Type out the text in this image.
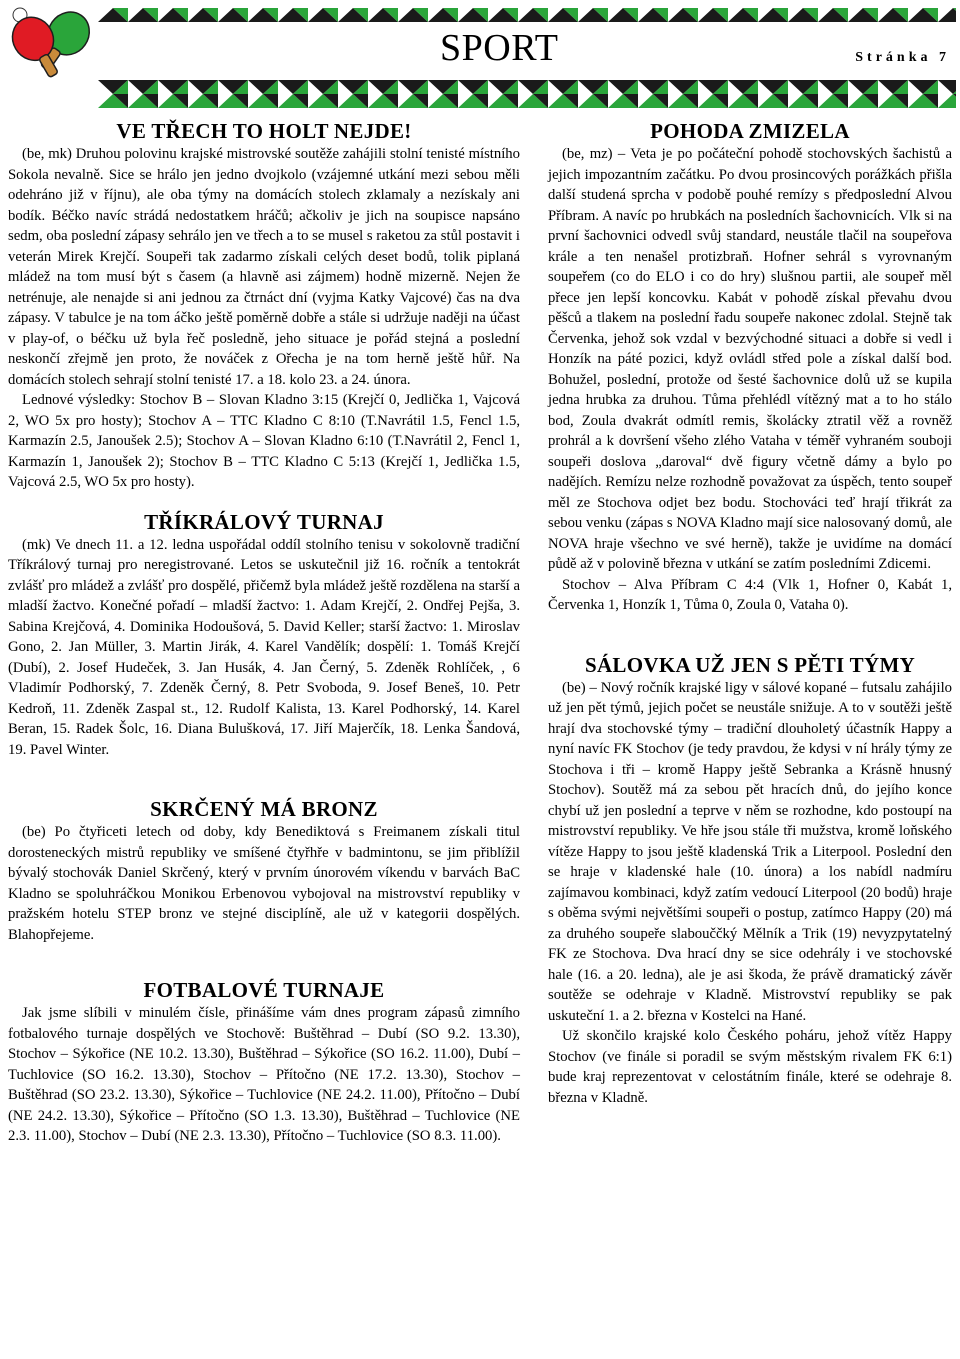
SPORT	Stránka 7
VE TŘECH TO HOLT NEJDE!

(be, mk) Druhou polovinu krajské mistrovské soutěže zahájili stolní tenisté místního Sokola nevalně. Sice se hrálo jen jedno dvojkolo (vzájemné utkání mezi sebou měli odehráno již v říjnu), ale oba týmy na domácích stolech zklamaly a nezískaly ani bodík. Béčko navíc strádá nedostatkem hráčů; ačkoliv je jich na soupisce napsáno sedm, oba poslední zápasy sehrálo jen ve třech a to se musel s raketou za stůl postavit i veterán Mirek Krejčí. Soupeři tak zadarmo získali celých deset bodů, tolik piplaná mládež na tom musí být s časem (a hlavně asi zájmem) hodně mizerně. Nejen že netrénuje, ale nenajde si ani jednou za čtrnáct dní (vyjma Katky Vajcové) čas na dva zápasy. V tabulce je na tom áčko ještě poměrně dobře a stále si udržuje naději na účast v play-of, o béčku už byla řeč posledně, jeho situace je pořád stejná a poslední neskončí zřejmě jen proto, že nováček z Ořecha je na tom herně ještě hůř. Na domácích stolech sehrají stolní tenisté 17. a 18. kolo 23. a 24. února.

Lednové výsledky: Stochov B – Slovan Kladno 3:15 (Krejčí 0, Jedlička 1, Vajcová 2, WO 5x pro hosty); Stochov A – TTC Kladno C 8:10 (T.Navrátil 1.5, Fencl 1.5, Karmazín 2.5, Janoušek 2.5); Stochov A – Slovan Kladno 6:10 (T.Navrátil 2, Fencl 1, Karmazín 1, Janoušek 2); Stochov B – TTC Kladno C 5:13 (Krejčí 1, Jedlička 1.5, Vajcová 2.5, WO 5x pro hosty).

TŘÍKRÁLOVÝ TURNAJ

(mk) Ve dnech 11. a 12. ledna uspořádal oddíl stolního tenisu v sokolovně tradiční Tříkrálový turnaj pro neregistrované. Letos se uskutečnil již 16. ročník a tentokrát zvlášť pro mládež a zvlášť pro dospělé, přičemž byla mládež ještě rozdělena na starší a mladší žactvo. Konečné pořadí – mladší žactvo: 1. Adam Krejčí, 2. Ondřej Pejša, 3. Sabina Krejčová, 4. Dominika Hodoušová, 5. David Keller; starší žactvo: 1. Miroslav Gono, 2. Jan Müller, 3. Martin Jirák, 4. Karel Vandělík; dospělí: 1. Tomáš Krejčí (Dubí), 2. Josef Hudeček, 3. Jan Husák, 4. Jan Černý, 5. Zdeněk Rohlíček, , 6 Vladimír Podhorský, 7. Zdeněk Černý, 8. Petr Svoboda, 9. Josef Beneš, 10. Petr Kedroň, 11. Zdeněk Zaspal st., 12. Rudolf Kalista, 13. Karel Podhorský, 14. Karel Beran, 15. Radek Šolc, 16. Diana Bulušková, 17. Jiří Majerčík, 18. Lenka Šandová, 19. Pavel Winter.

SKRČENÝ MÁ BRONZ

(be) Po čtyřiceti letech od doby, kdy Benediktová s Freimanem získali titul dorosteneckých mistrů republiky ve smíšené čtyřhře v badmintonu, se jim přiblížil bývalý stochovák Daniel Skrčený, který v prvním únorovém víkendu v barvách BaC Kladno se spoluhráčkou Monikou Erbenovou vybojoval na mistrovství republiky v pražském hotelu STEP bronz ve stejné disciplíně, ale už v kategorii dospělých. Blahopřejeme.

FOTBALOVÉ TURNAJE

Jak jsme slíbili v minulém čísle, přinášíme vám dnes program zápasů zimního fotbalového turnaje dospělých ve Stochově: Buštěhrad – Dubí (SO 9.2. 13.30), Stochov – Sýkořice (NE 10.2. 13.30), Buštěhrad – Sýkořice (SO 16.2. 11.00), Dubí – Tuchlovice (SO 16.2. 13.30), Stochov – Přítočno (NE 17.2. 13.30), Stochov – Buštěhrad (SO 23.2. 13.30), Sýkořice – Tuchlovice (NE 24.2. 11.00), Přítočno – Dubí (NE 24.2. 13.30), Sýkořice – Přítočno (SO 1.3. 13.30), Buštěhrad – Tuchlovice (NE 2.3. 11.00), Stochov – Dubí (NE 2.3. 13.30), Přítočno – Tuchlovice (SO 8.3. 11.00).

POHODA ZMIZELA

(be, mz) – Veta je po počáteční pohodě stochovských šachistů a jejich impozantním začátku. Po dvou prosincových porážkách přišla další studená sprcha v podobě pouhé remízy s předposlední Alvou Příbram. A navíc po hrubkách na posledních šachovnicích. Vlk si na první šachovnici odvedl svůj standard, neustále tlačil na soupeřova krále a ten nenašel protizbraň. Hofner sehrál s vyrovnaným soupeřem (co do ELO i co do hry) slušnou partii, ale soupeř měl přece jen lepší koncovku. Kabát v pohodě získal převahu dvou pěšců a tlakem na poslední řadu soupeře nakonec zdolal. Stejně tak Červenka, jehož sok vzdal v bezvýchodné situaci a dobře si vedl i Honzík na páté pozici, když ovládl střed pole a získal další bod. Bohužel, poslední, protože od šesté šachovnice dolů už se kupila jedna hrubka za druhou. Tůma přehlédl vítězný mat a to ho stálo bod, Zoula dvakrát odmítl remis, školácky ztratil věž a rovněž prohrál a k dovršení všeho zlého Vataha v téměř vyhraném souboji soupeři doslova „daroval“ dvě figury včetně dámy a bylo po nadějích. Remízu nelze rozhodně považovat za úspěch, tento soupeř měl ze Stochova odjet bez bodu. Stochováci teď hrají třikrát za sebou venku (zápas s NOVA Kladno mají sice nalosovaný domů, ale NOVA hraje všechno ve své herně), takže je uvidíme na domácí půdě až v polovině března v utkání se zatím posledními Zdicemi.

Stochov – Alva Příbram C 4:4 (Vlk 1, Hofner 0, Kabát 1, Červenka 1, Honzík 1, Tůma 0, Zoula 0, Vataha 0).

SÁLOVKA UŽ JEN S PĚTI TÝMY

(be) – Nový ročník krajské ligy v sálové kopané – futsalu zahájilo už jen pět týmů, jejich počet se neustále snižuje. A to v soutěži ještě hrají dva stochovské týmy – tradiční dlouholetý účastník Happy a nyní navíc FK Stochov (je tedy pravdou, že kdysi v ní hrály týmy ze Stochova i tři – kromě Happy ještě Sebranka a Krásně hnusný Stochov). Soutěž má za sebou pět hracích dnů, do jejího konce chybí už jen poslední a teprve v něm se rozhodne, kdo postoupí na mistrovství republiky. Ve hře jsou stále tři mužstva, kromě loňského vítěze Happy to jsou ještě kladenská Trik a Literpool. Poslední den se hraje v kladenské hale (10. února) a los nabídl nadmíru zajímavou kombinaci, když zatím vedoucí Literpool (20 bodů) hraje s oběma svými největšími soupeři o postup, zatímco Happy (20) má za druhého soupeře slabouččký Mělník a Trik (19) nevyzpytatelný FK ze Stochova. Dva hrací dny se sice odehrály i ve stochovské hale (16. a 20. ledna), ale je asi škoda, že právě dramatický závěr soutěže se odehraje v Kladně. Mistrovství republiky se pak uskuteční 1. a 2. března v Kostelci na Hané.

Už skončilo krajské kolo Českého poháru, jehož vítěz Happy Stochov (ve finále si poradil se svým městským rivalem FK 6:1) bude kraj reprezentovat v celostátním finále, které se odehraje 8. března v Kladně.
